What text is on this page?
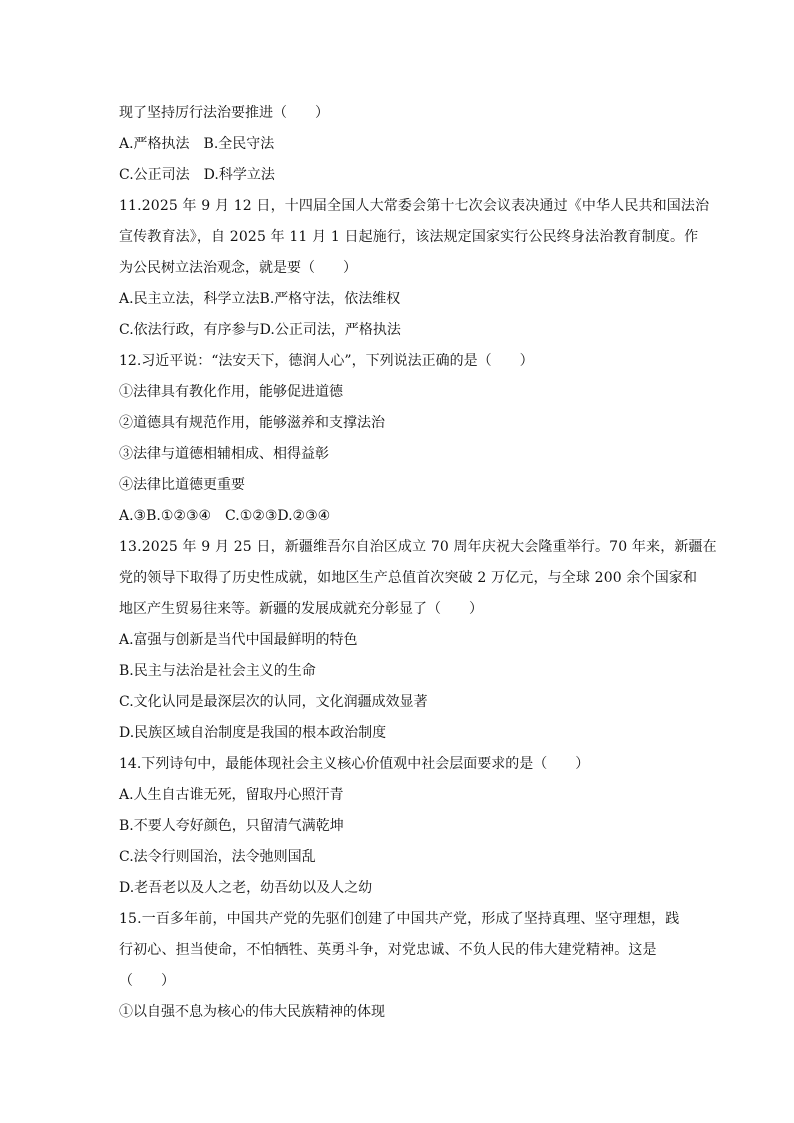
现了坚持厉行法治要推进（　　）
A.严格执法　B.全民守法
C.公正司法　D.科学立法
11.2025 年 9 月 12 日，十四届全国人大常委会第十七次会议表决通过《中华人民共和国法治
宣传教育法》，自 2025 年 11 月 1 日起施行，该法规定国家实行公民终身法治教育制度。作
为公民树立法治观念，就是要（　　）
A.民主立法，科学立法B.严格守法，依法维权
C.依法行政，有序参与D.公正司法，严格执法
12.习近平说：“法安天下，德润人心”，下列说法正确的是（　　）
①法律具有教化作用，能够促进道德
②道德具有规范作用，能够滋养和支撑法治
③法律与道德相辅相成、相得益彰
④法律比道德更重要
A.③B.①②③④　C.①②③D.②③④
13.2025 年 9 月 25 日，新疆维吾尔自治区成立 70 周年庆祝大会隆重举行。70 年来，新疆在
党的领导下取得了历史性成就，如地区生产总值首次突破 2 万亿元，与全球 200 余个国家和
地区产生贸易往来等。新疆的发展成就充分彰显了（　　）
A.富强与创新是当代中国最鲜明的特色
B.民主与法治是社会主义的生命
C.文化认同是最深层次的认同，文化润疆成效显著
D.民族区域自治制度是我国的根本政治制度
14.下列诗句中，最能体现社会主义核心价值观中社会层面要求的是（　　）
A.人生自古谁无死，留取丹心照汗青
B.不要人夸好颜色，只留清气满乾坤
C.法令行则国治，法令弛则国乱
D.老吾老以及人之老，幼吾幼以及人之幼
15.一百多年前，中国共产党的先驱们创建了中国共产党，形成了坚持真理、坚守理想，践
行初心、担当使命，不怕牺牲、英勇斗争，对党忠诚、不负人民的伟大建党精神。这是
（　　）
①以自强不息为核心的伟大民族精神的体现
